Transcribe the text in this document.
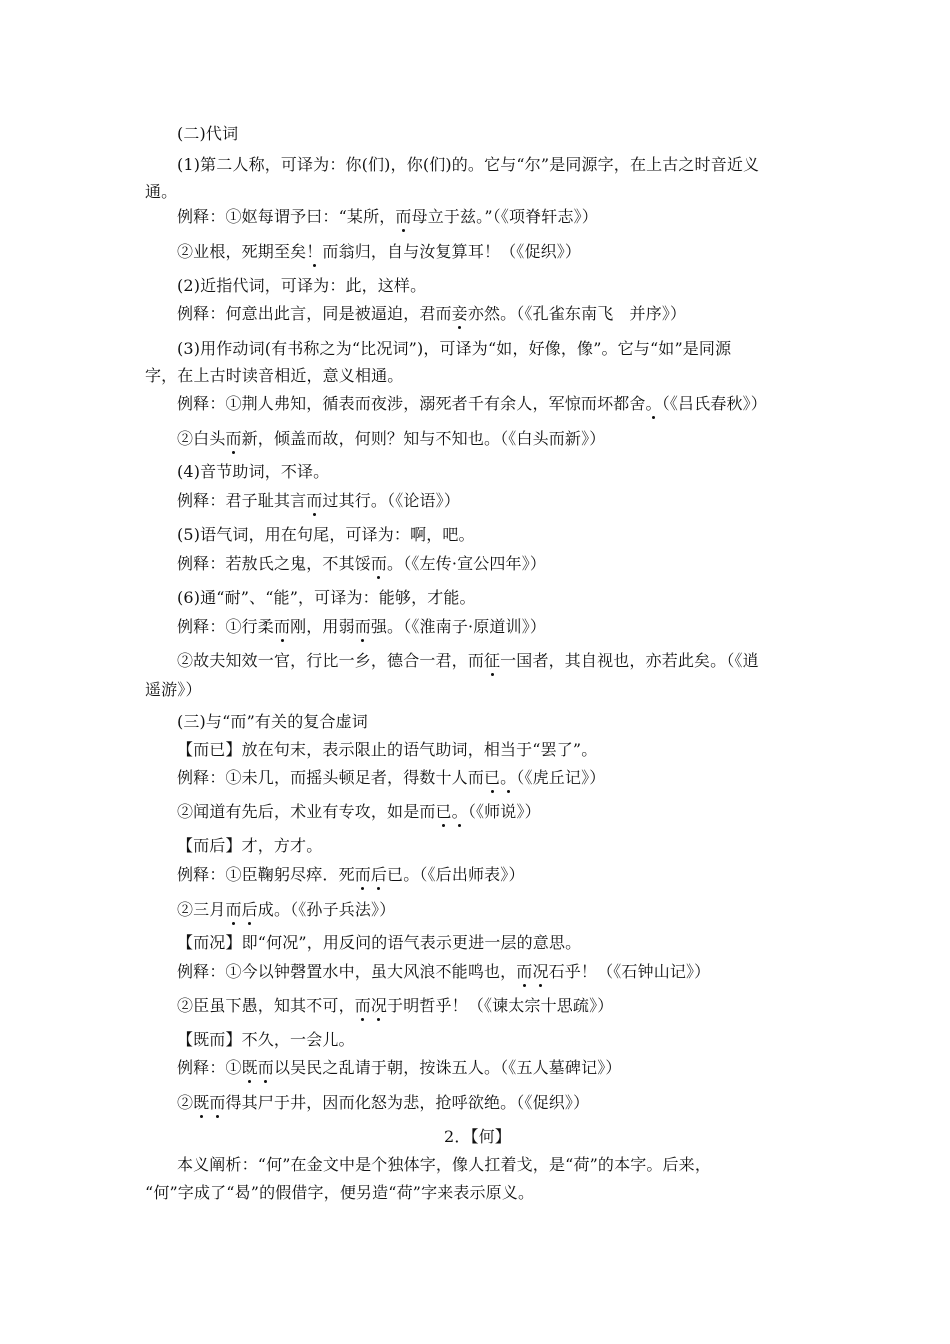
(二)代词
(1)第二人称，可译为：你(们)，你(们)的。它与“尔”是同源字，在上古之时音近义
通。
例释：①妪每谓予曰：“某所，而母立于兹。”（《项脊轩志》）
②业根，死期至矣！而翁归，自与汝复算耳！（《促织》）
(2)近指代词，可译为：此，这样。
例释：何意出此言，同是被逼迫，君而妾亦然。（《孔雀东南飞　 并序》）
(3)用作动词(有书称之为“比况词”)，可译为“如，好像，像”。它与“如”是同源
字，在上古时读音相近，意义相通。
例释：①荆人弗知，循表而夜涉，溺死者千有余人，军惊而坏都舍。（《吕氏春秋》）
②白头而新，倾盖而故，何则？知与不知也。（《白头而新》）
(4)音节助词，不译。
例释：君子耻其言而过其行。（《论语》）
(5)语气词，用在句尾，可译为：啊，吧。
例释：若敖氏之鬼，不其馁而。（《左传·宣公四年》）
(6)通“耐”、“能”，可译为：能够，才能。
例释：①行柔而刚，用弱而强。（《淮南子·原道训》）
②故夫知效一官，行比一乡，德合一君，而征一国者，其自视也，亦若此矣。（《逍
遥游》）
(三)与“而”有关的复合虚词
【而已】放在句末，表示限止的语气助词，相当于“罢了”。
例释：①未几，而摇头顿足者，得数十人而已。（《虎丘记》）
②闻道有先后，术业有专攻，如是而已。（《师说》）
【而后】才，方才。
例释：①臣鞠躬尽瘁．死而后已。（《后出师表》）
②三月而后成。（《孙子兵法》）
【而况】即“何况”，用反问的语气表示更进一层的意思。
例释：①今以钟磬置水中，虽大风浪不能鸣也，而况石乎！（《石钟山记》）
②臣虽下愚，知其不可，而况于明哲乎！（《谏太宗十思疏》）
【既而】不久，一会儿。
例释：①既而以吴民之乱请于朝，按诛五人。（《五人墓碑记》）
②既而得其尸于井，因而化怒为悲，抢呼欲绝。（《促织》）
2．【何】
本义阐析：“何”在金文中是个独体字，像人扛着戈，是“荷”的本字。后来，
“何”字成了“曷”的假借字，便另造“荷”字来表示原义。
